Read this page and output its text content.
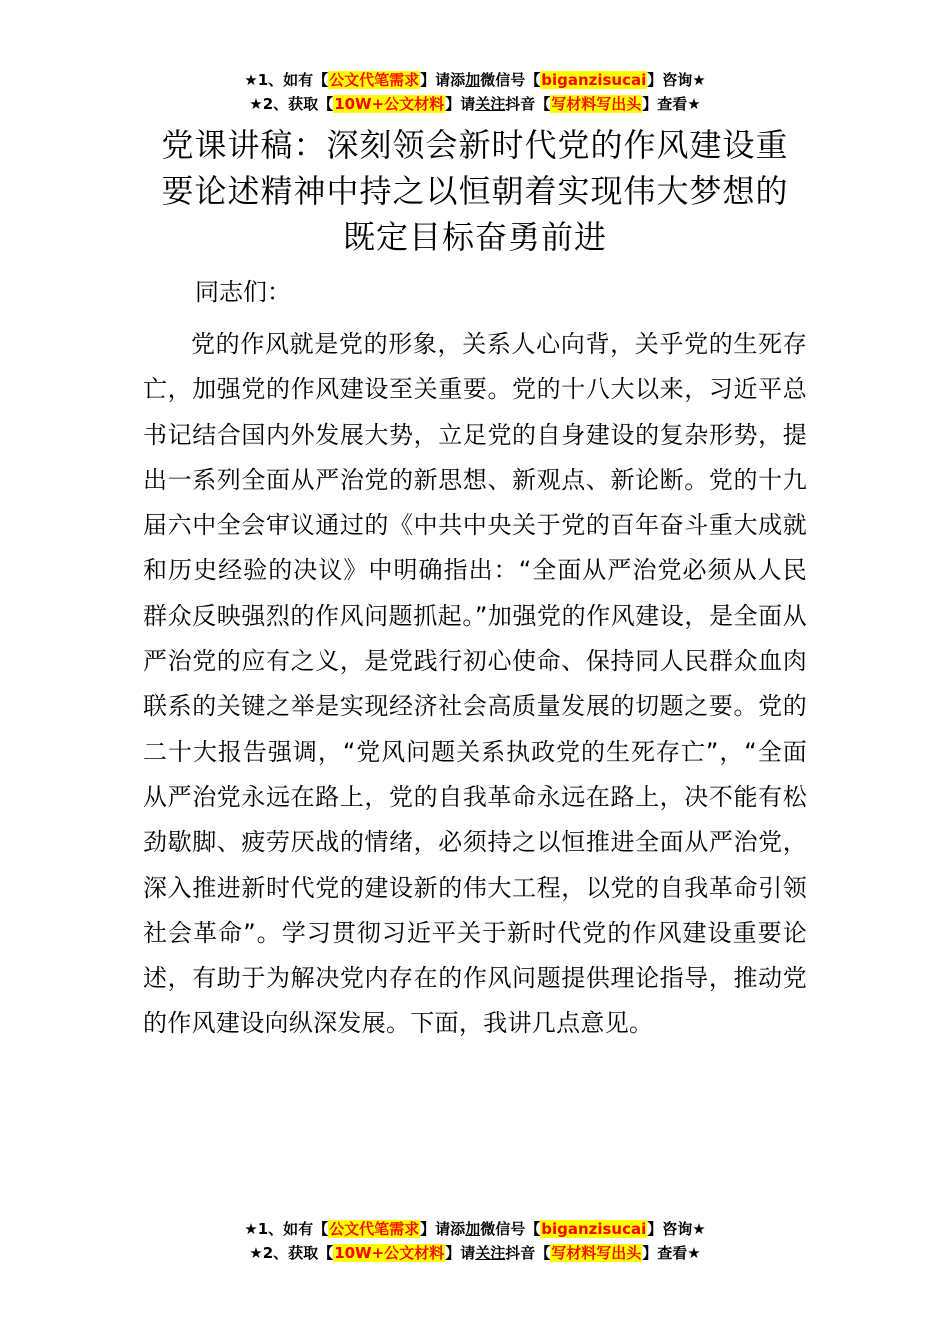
★1、如有【公文代笔需求】请添加微信号【biganzisucai】咨询★
★2、获取【10W+公文材料】请关注抖音【写材料写出头】查看★
党课讲稿：深刻领会新时代党的作风建设重要论述精神中持之以恒朝着实现伟大梦想的既定目标奋勇前进
同志们：
党的作风就是党的形象，关系人心向背，关乎党的生死存亡，加强党的作风建设至关重要。党的十八大以来，习近平总书记结合国内外发展大势，立足党的自身建设的复杂形势，提出一系列全面从严治党的新思想、新观点、新论断。党的十九届六中全会审议通过的《中共中央关于党的百年奋斗重大成就和历史经验的决议》中明确指出：“全面从严治党必须从人民群众反映强烈的作风问题抓起。”加强党的作风建设，是全面从严治党的应有之义，是党践行初心使命、保持同人民群众血肉联系的关键之举是实现经济社会高质量发展的切题之要。党的二十大报告强调，“党风问题关系执政党的生死存亡”，“全面从严治党永远在路上，党的自我革命永远在路上，决不能有松劲歇脚、疲劳厌战的情绪，必须持之以恒推进全面从严治党，深入推进新时代党的建设新的伟大工程，以党的自我革命引领社会革命”。学习贯彻习近平关于新时代党的作风建设重要论述，有助于为解决党内存在的作风问题提供理论指导，推动党的作风建设向纵深发展。下面，我讲几点意见。
★1、如有【公文代笔需求】请添加微信号【biganzisucai】咨询★
★2、获取【10W+公文材料】请关注抖音【写材料写出头】查看★
